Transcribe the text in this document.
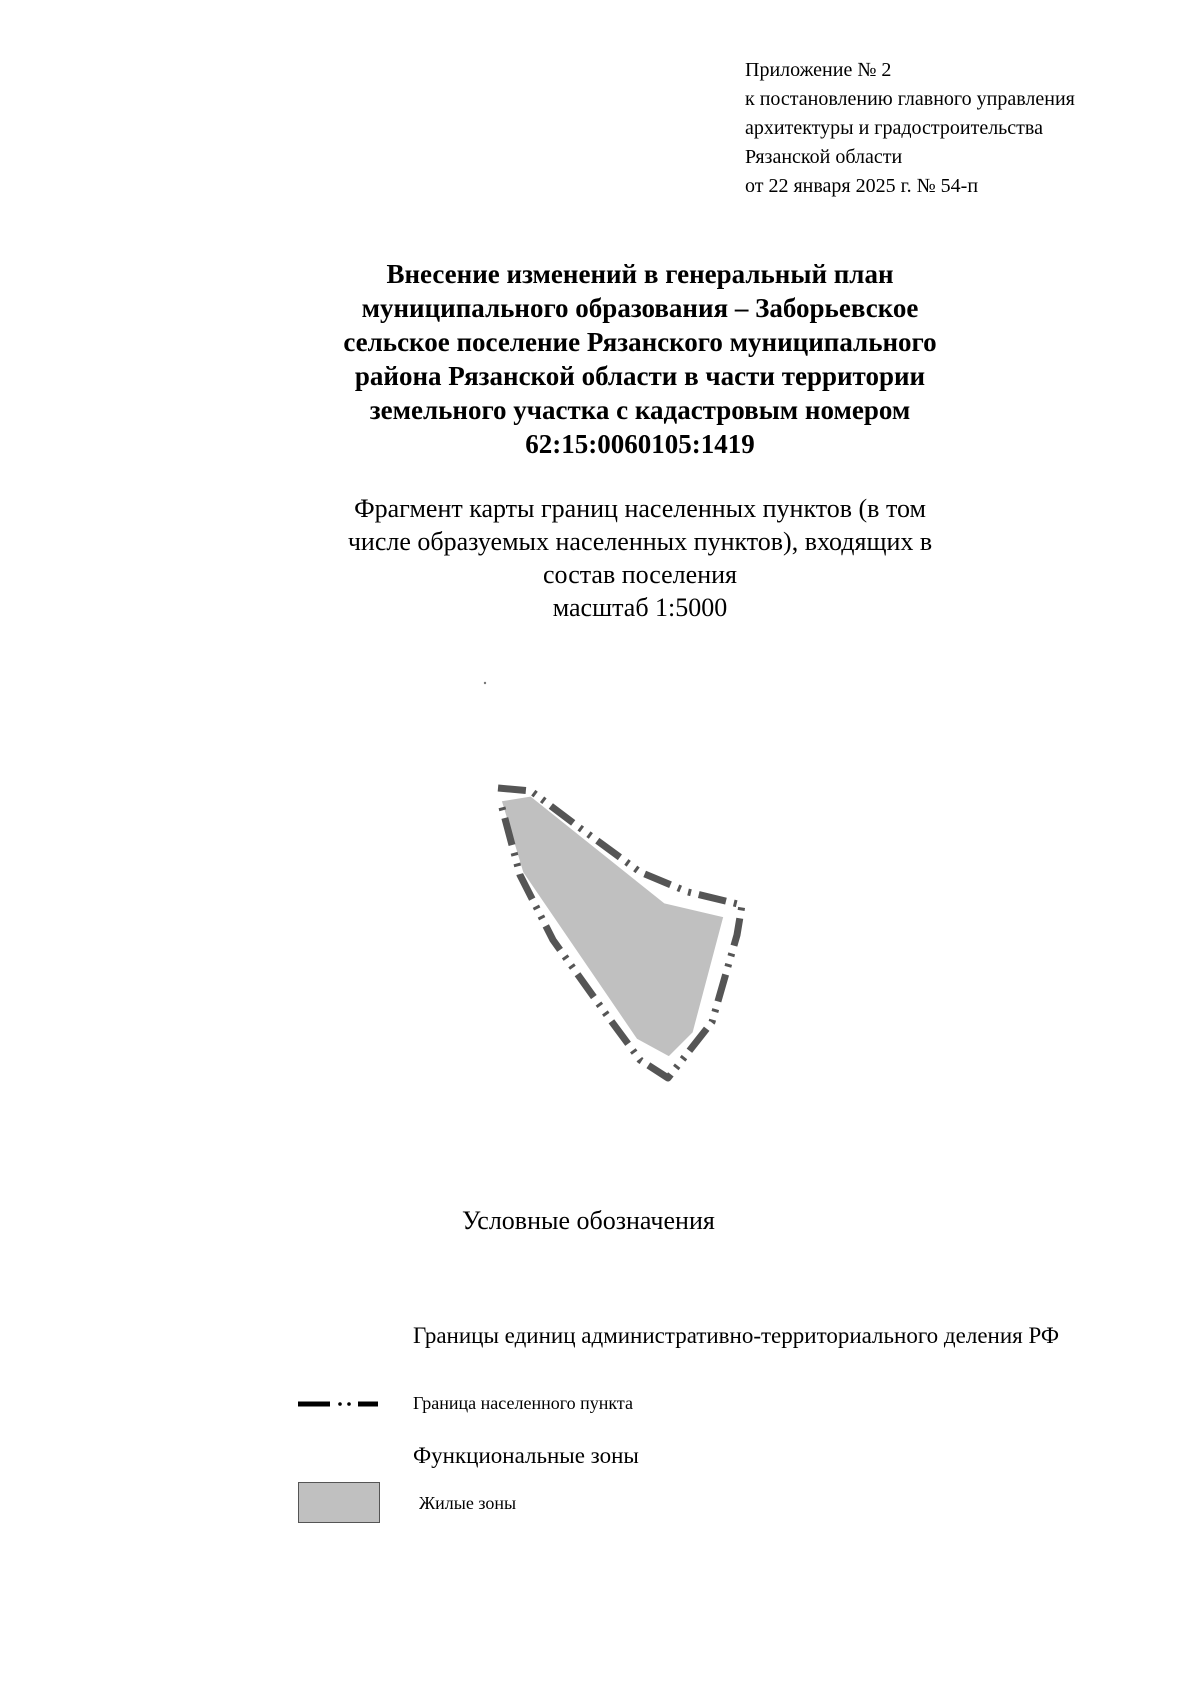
Приложение № 2
к постановлению главного управления
архитектуры и градостроительства
Рязанской области
от 22 января 2025 г. № 54-п
Внесение изменений в генеральный план
муниципального образования – Заборьевское
сельское поселение Рязанского муниципального
района Рязанской области в части территории
земельного участка с кадастровым номером
62:15:0060105:1419
Фрагмент карты границ населенных пунктов (в том
числе образуемых населенных пунктов), входящих в
состав поселения
масштаб 1:5000
Условные обозначения
Границы единиц административно-территориального деления РФ
Граница населенного пункта
Функциональные зоны
Жилые зоны
